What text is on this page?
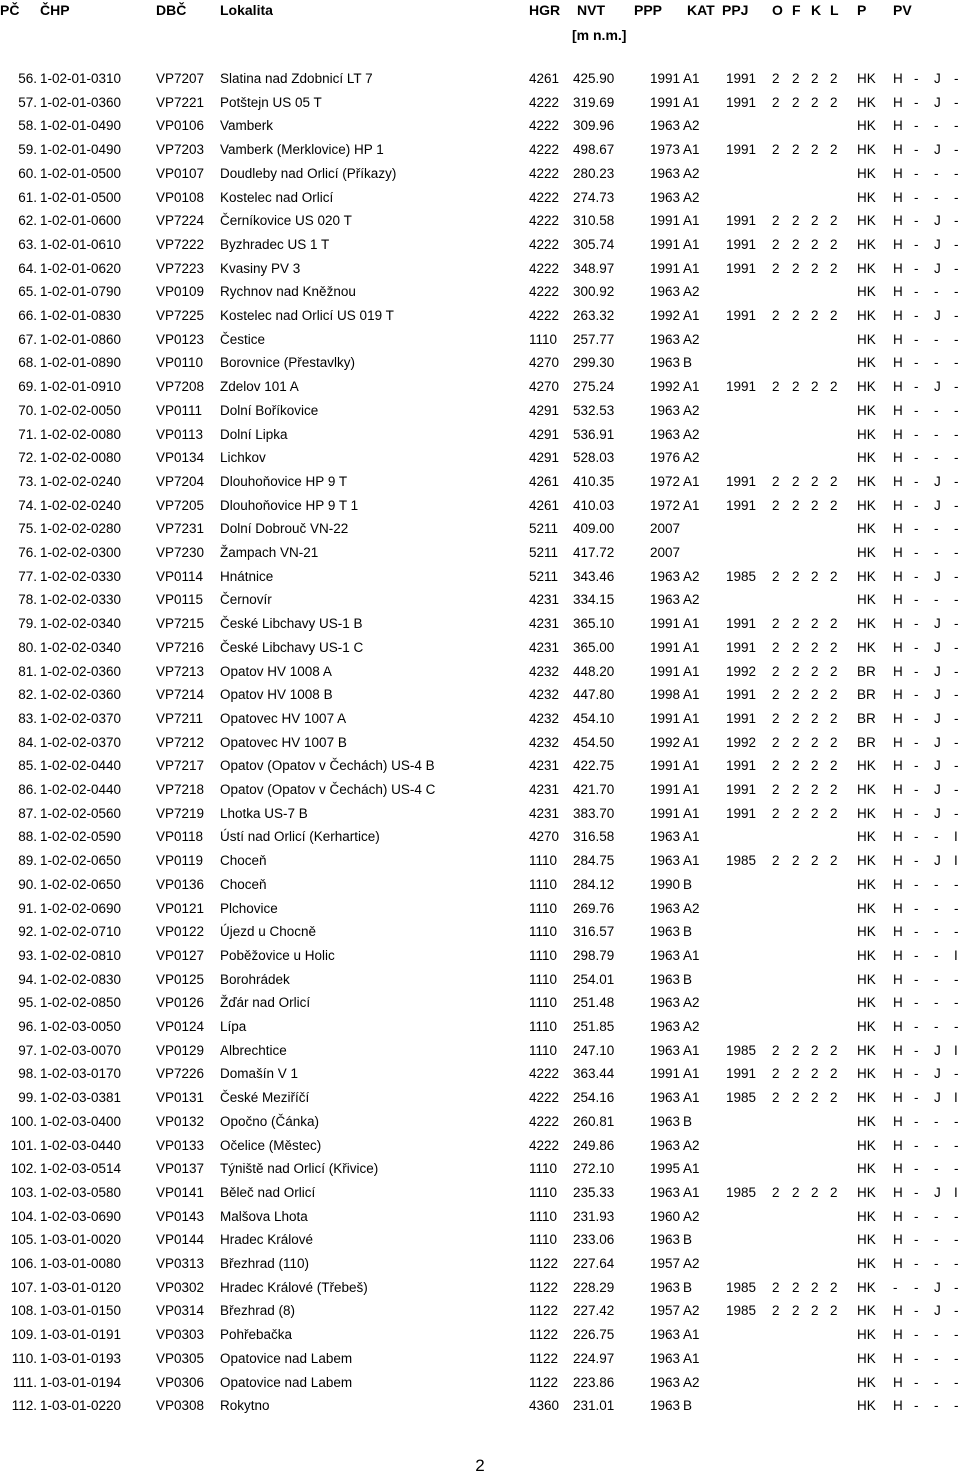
PČ ČHP	DBČ Lokalita	HGR NVT PPP KAT PPJ O F K L P PV
[m n.m.]
56. 1-02-01-0310	VP7207 Slatina nad Zdobnicí LT 7	4261 425.90	1991 A1 1991 2 2 2 2 HK H - J -
57. 1-02-01-0360	VP7221 Potštejn US 05 T	4222 319.69	1991 A1 1991 2 2 2 2 HK H - J -
58. 1-02-01-0490	VP0106 Vamberk	4222 309.96	1963 A2	HK H - - -
59. 1-02-01-0490	VP7203 Vamberk (Merklovice) HP 1	4222 498.67	1973 A1 1991 2 2 2 2 HK H - J -
60. 1-02-01-0500	VP0107 Doudleby nad Orlicí (Příkazy)	4222 280.23	1963 A2	HK H - - -
61. 1-02-01-0500	VP0108 Kostelec nad Orlicí	4222 274.73	1963 A2	HK H - - -
62. 1-02-01-0600	VP7224 Černíkovice US 020 T	4222 310.58	1991 A1 1991 2 2 2 2 HK H - J -
63. 1-02-01-0610	VP7222 Byzhradec US 1 T	4222 305.74	1991 A1 1991 2 2 2 2 HK H - J -
64. 1-02-01-0620	VP7223 Kvasiny PV 3	4222 348.97	1991 A1 1991 2 2 2 2 HK H - J -
65. 1-02-01-0790	VP0109 Rychnov nad Kněžnou	4222 300.92	1963 A2	HK H - - -
66. 1-02-01-0830	VP7225 Kostelec nad Orlicí US 019 T	4222 263.32	1992 A1 1991 2 2 2 2 HK H - J -
67. 1-02-01-0860	VP0123 Čestice	1110 257.77	1963 A2	HK H - - -
68. 1-02-01-0890	VP0110 Borovnice (Přestavlky)	4270 299.30	1963 B	HK H - - -
69. 1-02-01-0910	VP7208 Zdelov 101 A	4270 275.24	1992 A1 1991 2 2 2 2 HK H - J -
70. 1-02-02-0050	VP0111 Dolní Boříkovice	4291 532.53	1963 A2	HK H - - -
71. 1-02-02-0080	VP0113 Dolní Lipka	4291 536.91	1963 A2	HK H - - -
72. 1-02-02-0080	VP0134 Lichkov	4291 528.03	1976 A2	HK H - - -
73. 1-02-02-0240	VP7204 Dlouhoňovice HP 9 T	4261 410.35	1972 A1 1991 2 2 2 2 HK H - J -
74. 1-02-02-0240	VP7205 Dlouhoňovice HP 9 T 1	4261 410.03	1972 A1 1991 2 2 2 2 HK H - J -
75. 1-02-02-0280	VP7231 Dolní Dobrouč VN-22	5211 409.00	2007	HK H - - -
76. 1-02-02-0300	VP7230 Žampach VN-21	5211 417.72	2007	HK H - - -
77. 1-02-02-0330	VP0114 Hnátnice	5211 343.46	1963 A2 1985 2 2 2 2 HK H - J -
78. 1-02-02-0330	VP0115 Černovír	4231 334.15	1963 A2	HK H - - -
79. 1-02-02-0340	VP7215 České Libchavy US-1 B	4231 365.10	1991 A1 1991 2 2 2 2 HK H - J -
80. 1-02-02-0340	VP7216 České Libchavy US-1 C	4231 365.00	1991 A1 1991 2 2 2 2 HK H - J -
81. 1-02-02-0360	VP7213 Opatov HV 1008 A	4232 448.20	1991 A1 1992 2 2 2 2 BR H - J -
82. 1-02-02-0360	VP7214 Opatov HV 1008 B	4232 447.80	1998 A1 1991 2 2 2 2 BR H - J -
83. 1-02-02-0370	VP7211 Opatovec HV 1007 A	4232 454.10	1991 A1 1991 2 2 2 2 BR H - J -
84. 1-02-02-0370	VP7212 Opatovec HV 1007 B	4232 454.50	1992 A1 1992 2 2 2 2 BR H - J -
85. 1-02-02-0440	VP7217 Opatov (Opatov v Čechách) US-4 B	4231 422.75	1991 A1 1991 2 2 2 2 HK H - J -
86. 1-02-02-0440	VP7218 Opatov (Opatov v Čechách) US-4 C	4231 421.70	1991 A1 1991 2 2 2 2 HK H - J -
87. 1-02-02-0560	VP7219 Lhotka US-7 B	4231 383.70	1991 A1 1991 2 2 2 2 HK H - J -
88. 1-02-02-0590	VP0118 Ústí nad Orlicí (Kerhartice)	4270 316.58	1963 A1	HK H - - I
89. 1-02-02-0650	VP0119 Choceň	1110 284.75	1963 A1 1985 2 2 2 2 HK H - J I
90. 1-02-02-0650	VP0136 Choceň	1110 284.12	1990 B	HK H - - -
91. 1-02-02-0690	VP0121 Plchovice	1110 269.76	1963 A2	HK H - - -
92. 1-02-02-0710	VP0122 Újezd u Chocně	1110 316.57	1963 B	HK H - - -
93. 1-02-02-0810	VP0127 Poběžovice u Holic	1110 298.79	1963 A1	HK H - - I
94. 1-02-02-0830	VP0125 Borohrádek	1110 254.01	1963 B	HK H - - -
95. 1-02-02-0850	VP0126 Žďár nad Orlicí	1110 251.48	1963 A2	HK H - - -
96. 1-02-03-0050	VP0124 Lípa	1110 251.85	1963 A2	HK H - - -
97. 1-02-03-0070	VP0129 Albrechtice	1110 247.10	1963 A1 1985 2 2 2 2 HK H - J I
98. 1-02-03-0170	VP7226 Domašín V 1	4222 363.44	1991 A1 1991 2 2 2 2 HK H - J -
99. 1-02-03-0381	VP0131 České Meziříčí	4222 254.16	1963 A1 1985 2 2 2 2 HK H - J I
100. 1-02-03-0400	VP0132 Opočno (Čánka)	4222 260.81	1963 B	HK H - - -
101. 1-02-03-0440	VP0133 Očelice (Městec)	4222 249.86	1963 A2	HK H - - -
102. 1-02-03-0514	VP0137 Týniště nad Orlicí (Křivice)	1110 272.10	1995 A1	HK H - - -
103. 1-02-03-0580	VP0141 Běleč nad Orlicí	1110 235.33	1963 A1 1985 2 2 2 2 HK H - J I
104. 1-02-03-0690	VP0143 Malšova Lhota	1110 231.93	1960 A2	HK H - - -
105. 1-03-01-0020	VP0144 Hradec Králové	1110 233.06	1963 B	HK H - - -
106. 1-03-01-0080	VP0313 Březhrad (110)	1122 227.64	1957 A2	HK H - - -
107. 1-03-01-0120	VP0302 Hradec Králové (Třebeš)	1122 228.29	1963 B	1985 2 2 2 2 HK - - J -
108. 1-03-01-0150	VP0314 Březhrad (8)	1122 227.42	1957 A2 1985 2 2 2 2 HK H - J -
109. 1-03-01-0191	VP0303 Pohřebačka	1122 226.75	1963 A1	HK H - - -
110. 1-03-01-0193	VP0305 Opatovice nad Labem	1122 224.97	1963 A1	HK H - - -
111. 1-03-01-0194	VP0306 Opatovice nad Labem	1122 223.86	1963 A2	HK H - - -
112. 1-03-01-0220	VP0308 Rokytno	4360 231.01	1963 B	HK H - - -
2
